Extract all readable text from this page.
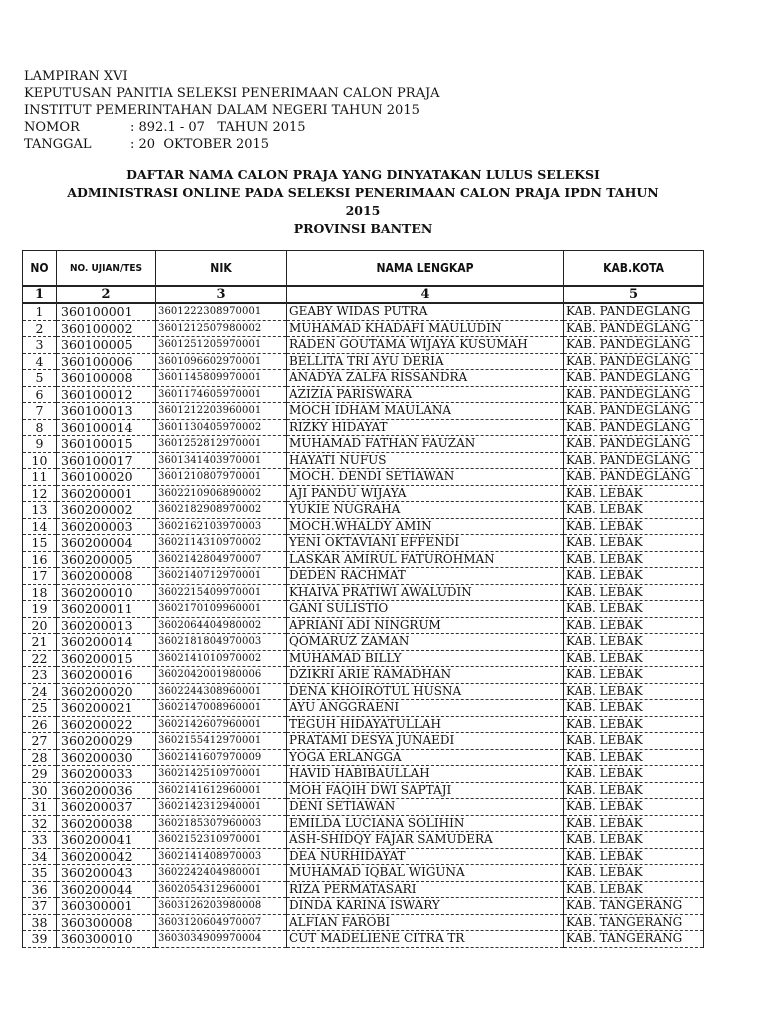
LAMPIRAN XVI
KEPUTUSAN PANITIA SELEKSI PENERIMAAN CALON PRAJA
INSTITUT PEMERINTAHAN DALAM NEGERI TAHUN 2015
NOMOR	: 892.1 - 07   TAHUN 2015
TANGGAL	: 20  OKTOBER 2015
DAFTAR NAMA CALON PRAJA YANG DINYATAKAN LULUS SELEKSI
ADMINISTRASI ONLINE PADA SELEKSI PENERIMAAN CALON PRAJA IPDN TAHUN
2015
PROVINSI BANTEN
NO	NO. UJIAN/TES	NIK	NAMA LENGKAP	KAB.KOTA
1	2	3	4	5
1	360100001	3601222308970001	GEABY WIDAS PUTRA	KAB. PANDEGLANG
2	360100002	3601212507980002	MUHAMAD KHADAFI MAULUDIN	KAB. PANDEGLANG
3	360100005	3601251205970001	RADEN GOUTAMA WIJAYA KUSUMAH	KAB. PANDEGLANG
4	360100006	3601096602970001	BELLITA TRI AYU DERIA	KAB. PANDEGLANG
5	360100008	3601145809970001	ANADYA ZALFA RISSANDRA	KAB. PANDEGLANG
6	360100012	3601174605970001	AZIZIA PARISWARA	KAB. PANDEGLANG
7	360100013	3601212203960001	MOCH IDHAM MAULANA	KAB. PANDEGLANG
8	360100014	3601130405970002	RIZKY HIDAYAT	KAB. PANDEGLANG
9	360100015	3601252812970001	MUHAMAD FATHAN FAUZAN	KAB. PANDEGLANG
10	360100017	3601341403970001	HAYATI NUFUS	KAB. PANDEGLANG
11	360100020	3601210807970001	MOCH. DENDI SETIAWAN	KAB. PANDEGLANG
12	360200001	3602210906890002	AJI PANDU WIJAYA	KAB. LEBAK
13	360200002	3602182908970002	YUKIE NUGRAHA	KAB. LEBAK
14	360200003	3602162103970003	MOCH.WHALDY AMIN	KAB. LEBAK
15	360200004	3602114310970002	YENI OKTAVIANI EFFENDI	KAB. LEBAK
16	360200005	3602142804970007	LASKAR AMIRUL FATUROHMAN	KAB. LEBAK
17	360200008	3602140712970001	DEDEN RACHMAT	KAB. LEBAK
18	360200010	3602215409970001	KHAIVA PRATIWI AWALUDIN	KAB. LEBAK
19	360200011	3602170109960001	GANI SULISTIO	KAB. LEBAK
20	360200013	3602064404980002	APRIANI ADI NINGRUM	KAB. LEBAK
21	360200014	3602181804970003	QOMARUZ ZAMAN	KAB. LEBAK
22	360200015	3602141010970002	MUHAMAD BILLY	KAB. LEBAK
23	360200016	3602042001980006	DZIKRI ARIE RAMADHAN	KAB. LEBAK
24	360200020	3602244308960001	DENA KHOIROTUL HUSNA	KAB. LEBAK
25	360200021	3602147008960001	AYU ANGGRAENI	KAB. LEBAK
26	360200022	3602142607960001	TEGUH HIDAYATULLAH	KAB. LEBAK
27	360200029	3602155412970001	PRATAMI DESYA JUNAEDI	KAB. LEBAK
28	360200030	3602141607970009	YOGA ERLANGGA	KAB. LEBAK
29	360200033	3602142510970001	HAVID HABIBAULLAH	KAB. LEBAK
30	360200036	3602141612960001	MOH FAQIH DWI SAPTAJI	KAB. LEBAK
31	360200037	3602142312940001	DENI SETIAWAN	KAB. LEBAK
32	360200038	3602185307960003	EMILDA LUCIANA SOLIHIN	KAB. LEBAK
33	360200041	3602152310970001	ASH-SHIDQY FAJAR SAMUDERA	KAB. LEBAK
34	360200042	3602141408970003	DEA NURHIDAYAT	KAB. LEBAK
35	360200043	3602242404980001	MUHAMAD IQBAL WIGUNA	KAB. LEBAK
36	360200044	3602054312960001	RIZA PERMATASARI	KAB. LEBAK
37	360300001	3603126203980008	DINDA KARINA ISWARY	KAB. TANGERANG
38	360300008	3603120604970007	ALFIAN FAROBI	KAB. TANGERANG
39	360300010	3603034909970004	CUT MADELIENE CITRA TR	KAB. TANGERANG
